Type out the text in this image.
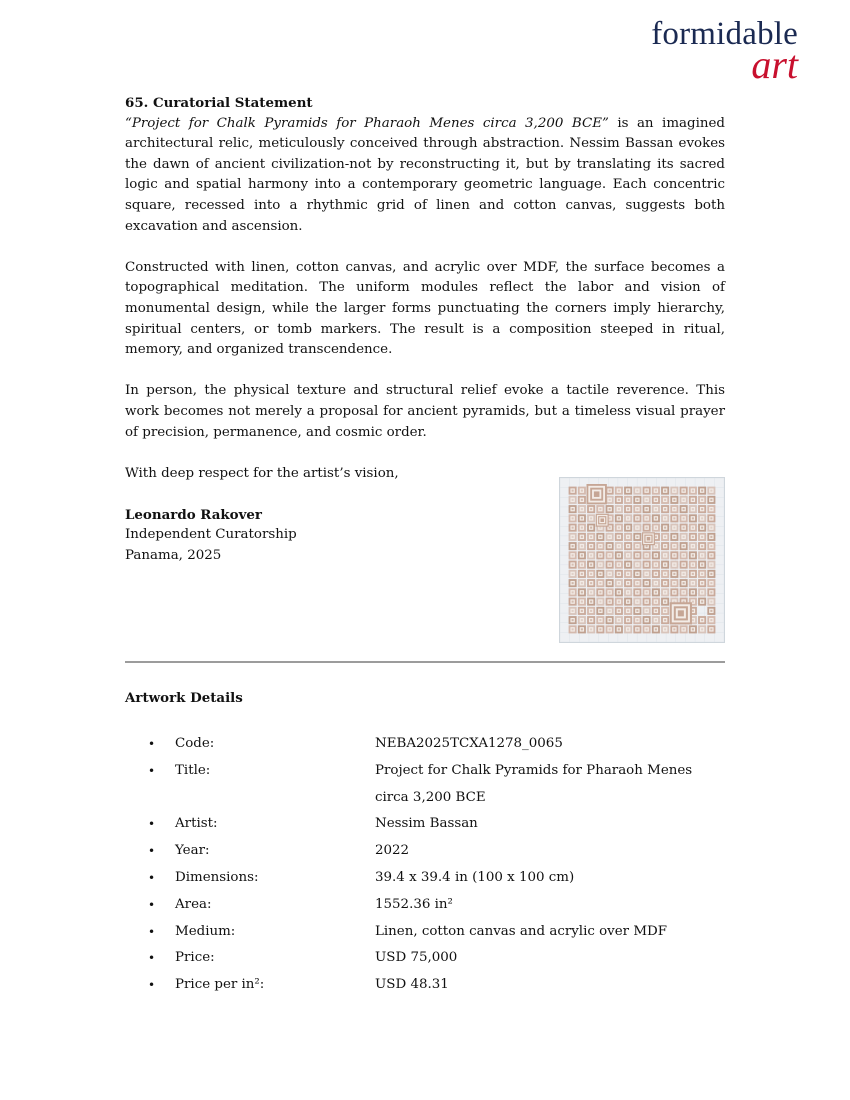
formidable
art

65. Curatorial Statement

“Project for Chalk Pyramids for Pharaoh Menes circa 3,200 BCE” is an imagined architectural relic, meticulously conceived through abstraction. Nessim Bassan evokes the dawn of ancient civilization-not by reconstructing it, but by translating its sacred logic and spatial harmony into a contemporary geometric language. Each concentric square, recessed into a rhythmic grid of linen and cotton canvas, suggests both excavation and ascension.

Constructed with linen, cotton canvas, and acrylic over MDF, the surface becomes a topographical meditation. The uniform modules reflect the labor and vision of monumental design, while the larger forms punctuating the corners imply hierarchy, spiritual centers, or tomb markers. The result is a composition steeped in ritual, memory, and organized transcendence.

In person, the physical texture and structural relief evoke a tactile reverence. This work becomes not merely a proposal for ancient pyramids, but a timeless visual prayer of precision, permanence, and cosmic order.

With deep respect for the artist’s vision,

Leonardo Rakover

Independent Curatorship

Panama, 2025

Artwork Details
• Code:	NEBA2025TCXA1278_0065
• Title:	Project for Chalk Pyramids for Pharaoh Menes circa 3,200 BCE
• Artist:	Nessim Bassan
• Year:	2022
• Dimensions:	39.4 x 39.4 in (100 x 100 cm)
• Area:	1552.36 in²
• Medium:	Linen, cotton canvas and acrylic over MDF
• Price:	USD 75,000
• Price per in²:	USD 48.31
